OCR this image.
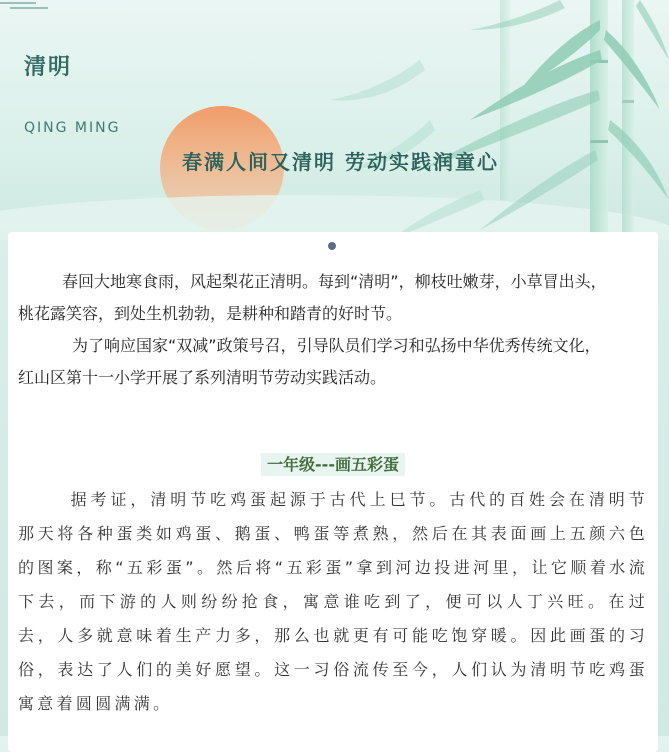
清明
QING MING
春满人间又清明 劳动实践润童心

春回大地寒食雨，风起梨花正清明。每到“清明”，柳枝吐嫩芽，小草冒出头，桃花露笑容，到处生机勃勃，是耕种和踏青的好时节。
为了响应国家“双减”政策号召，引导队员们学习和弘扬中华优秀传统文化，红山区第十一小学开展了系列清明节劳动实践活动。

一年级---画五彩蛋

据考证，清明节吃鸡蛋起源于古代上巳节。古代的百姓会在清明节那天将各种蛋类如鸡蛋、鹅蛋、鸭蛋等煮熟，然后在其表面画上五颜六色的图案，称“五彩蛋”。然后将“五彩蛋”拿到河边投进河里，让它顺着水流下去，而下游的人则纷纷抢食，寓意谁吃到了，便可以人丁兴旺。在过去，人多就意味着生产力多，那么也就更有可能吃饱穿暖。因此画蛋的习俗，表达了人们的美好愿望。这一习俗流传至今，人们认为清明节吃鸡蛋寓意着圆圆满满。
